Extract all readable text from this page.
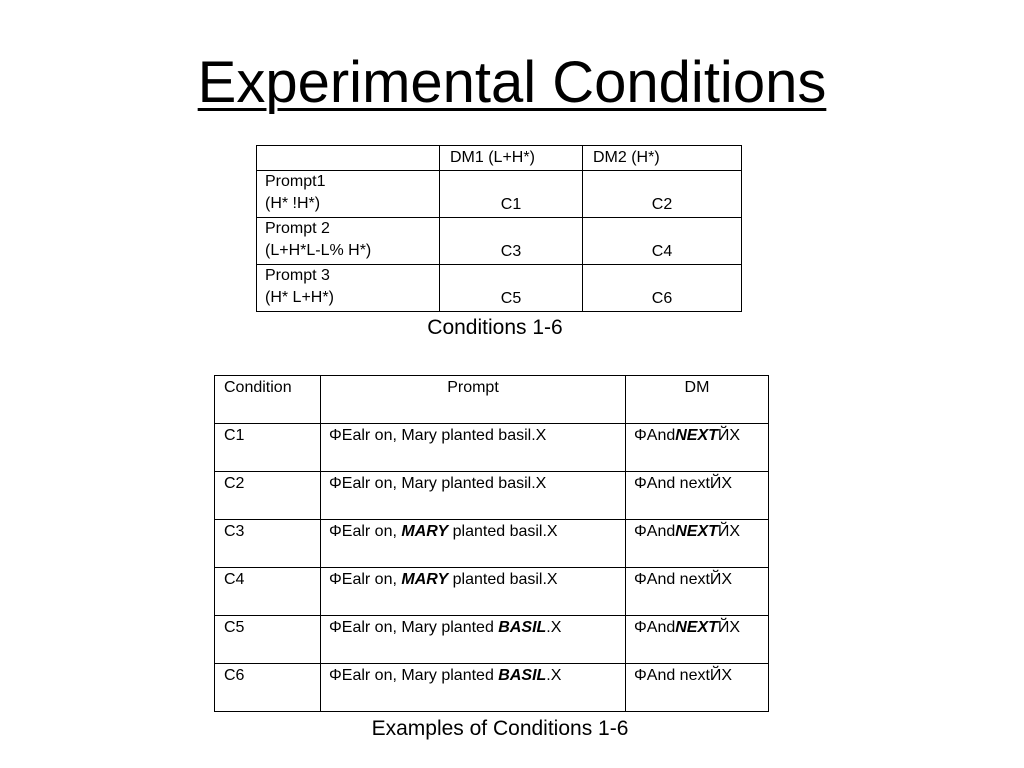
Experimental Conditions
	DM1 (L+H*)	DM2 (H*)

Prompt1
(H* !H*)	C1	C2

Prompt 2
(L+H*L-L% H*)	C3	C4

Prompt 3
(H* L+H*)	C5	C6
Conditions 1-6
Condition	Prompt	DM
C1	ΦEalr on, Mary planted basil.X	ΦAndNEXTЙX
C2	ΦEalr on, Mary planted basil.X	ΦAnd nextЙX
C3	ΦEalr on, MARY planted basil.X	ΦAndNEXTЙX
C4	ΦEalr on, MARY planted basil.X	ΦAnd nextЙX
C5	ΦEalr on, Mary planted BASIL.X	ΦAndNEXTЙX
C6	ΦEalr on, Mary planted BASIL.X	ΦAnd nextЙX
Examples of Conditions 1-6
